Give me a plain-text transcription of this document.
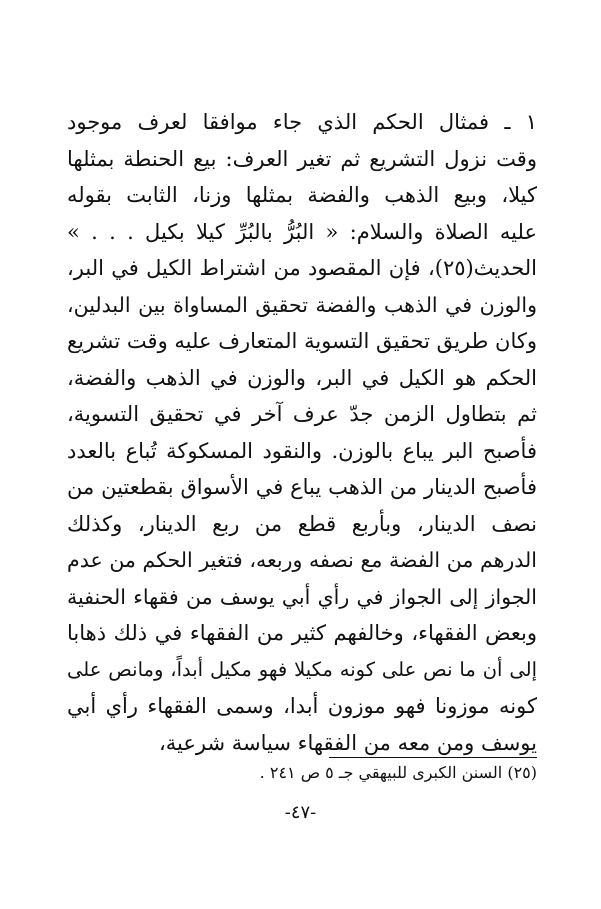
١ ـ فمثال الحكم الذي جاء موافقا لعرف موجود
وقت نزول التشريع ثم تغير العرف: بيع الحنطة بمثلها
كيلا، وبيع الذهب والفضة بمثلها وزنا، الثابت بقوله
عليه الصلاة والسلام: « البُرُّ بالبُرِّ كيلا بكيل . . . »
الحديث(٢٥)، فإن المقصود من اشتراط الكيل في البر،
والوزن في الذهب والفضة تحقيق المساواة بين البدلين،
وكان طريق تحقيق التسوية المتعارف عليه وقت تشريع
الحكم هو الكيل في البر، والوزن في الذهب والفضة،
ثم بتطاول الزمن جدّ عرف آخر في تحقيق التسوية،
فأصبح البر يباع بالوزن. والنقود المسكوكة تُباع بالعدد
فأصبح الدينار من الذهب يباع في الأسواق بقطعتين من
نصف الدينار، وبأربع قطع من ربع الدينار، وكذلك
الدرهم من الفضة مع نصفه وربعه، فتغير الحكم من عدم
الجواز إلى الجواز في رأي أبي يوسف من فقهاء الحنفية
وبعض الفقهاء، وخالفهم كثير من الفقهاء في ذلك ذهابا
إلى أن ما نص على كونه مكيلا فهو مكيل أبداً، ومانص على
كونه موزونا فهو موزون أبدا، وسمى الفقهاء رأي أبي
يوسف ومن معه من الفقهاء سياسة شرعية،
(٢٥) السنن الكبرى للبيهقي جـ ٥ ص ٢٤١ .
-٤٧-
